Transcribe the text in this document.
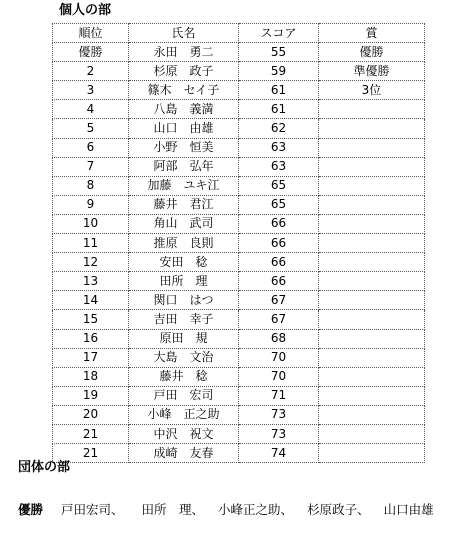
個人の部
順位	氏名	スコア	賞
優勝	永田　勇二	55	優勝
2	杉原　政子	59	準優勝
3	篠木　セイ子	61	3位
4	八島　義満	61	
5	山口　由雄	62	
6	小野　恒美	63	
7	阿部　弘年	63	
8	加藤　ユキ江	65	
9	藤井　君江	65	
10	角山　武司	66	
11	推原　良則	66	
12	安田　稔	66	
13	田所　理	66	
14	関口　はつ	67	
15	吉田　幸子	67	
16	原田　規	68	
17	大島　文治	70	
18	藤井　稔	70	
19	戸田　宏司	71	
20	小峰　正之助	73	
21	中沢　祝文	73	
21	成崎　友春	74	
団体の部
優勝 戸田宏司、 田所　理、 小峰正之助、 杉原政子、 山口由雄
